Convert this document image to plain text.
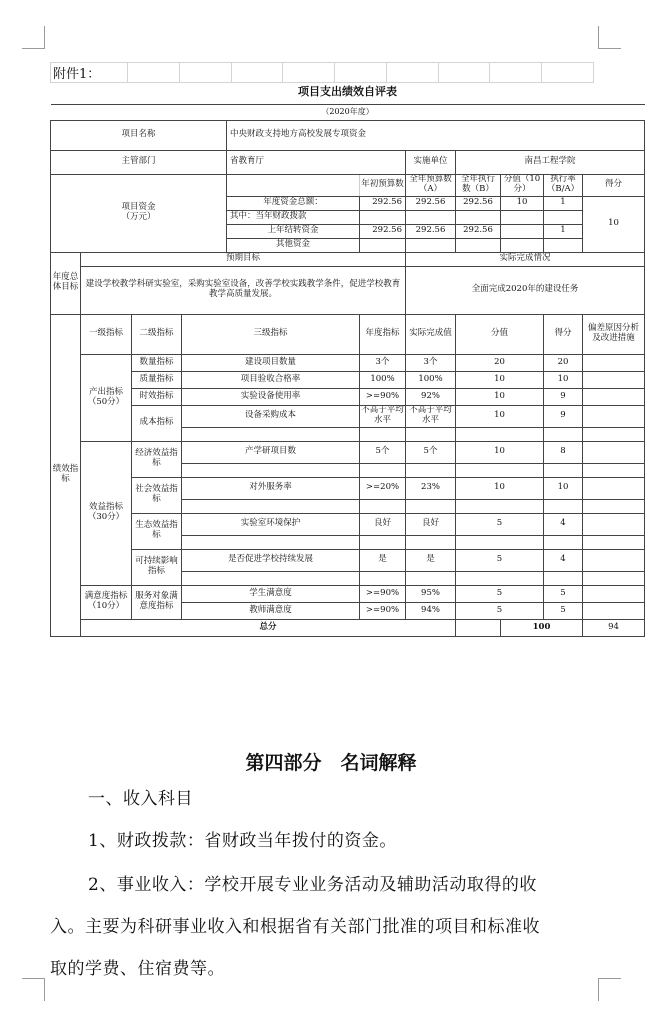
附件1：									
项目支出绩效自评表											
（2020年度）											
项目名称				中央财政支持地方高校发展专项资金							
主管部门				省教育厅		实施单位	南昌工程学院				
项目资金
（万元）					年初预算数	全年预算数（A）	全年执行数（B）	分值（10分）	执行率（B/A）	得分	
				年度资金总额：	292.56	292.56	292.56	10	1	10	
				其中：当年财政拨款							
				上年结转资金	292.56	292.56	292.56		1		
				其他资金							
年度总体目标	预期目标					实际完成情况					
	建设学校教学科研实验室，采购实验室设备，改善学校实践教学条件，促进学校教育教学高质量发展。					全面完成2020年的建设任务					
绩效指标	一级指标	二级指标	三级指标		年度指标	实际完成值	分值		得分	偏差原因分析及改进措施	
	产出指标（50分）	数量指标	建设项目数量		3个	3个	20		20		
		质量指标	项目验收合格率		100%	100%	10		10		
		时效指标	实验设备使用率		>=90%	92%	10		9		
		成本指标	设备采购成本		不高于平均水平	不高于平均水平	10		9		

	效益指标（30分）	经济效益指标	产学研项目数		5个	5个	10		8		

		社会效益指标	对外服务率		>=20%	23%	10		10		

		生态效益指标	实验室环境保护		良好	良好	5		4		

		可持续影响指标	是否促进学校持续发展		是	是	5		4		

	满意度指标（10分）	服务对象满意度指标	学生满意度		>=90%	95%	5		5		
			教师满意度		>=90%	94%	5		5		
	总分							100		94	
第四部分　名词解释
一、收入科目
1、财政拨款：省财政当年拨付的资金。
2、事业收入：学校开展专业业务活动及辅助活动取得的收
入。主要为科研事业收入和根据省有关部门批准的项目和标准收
取的学费、住宿费等。
